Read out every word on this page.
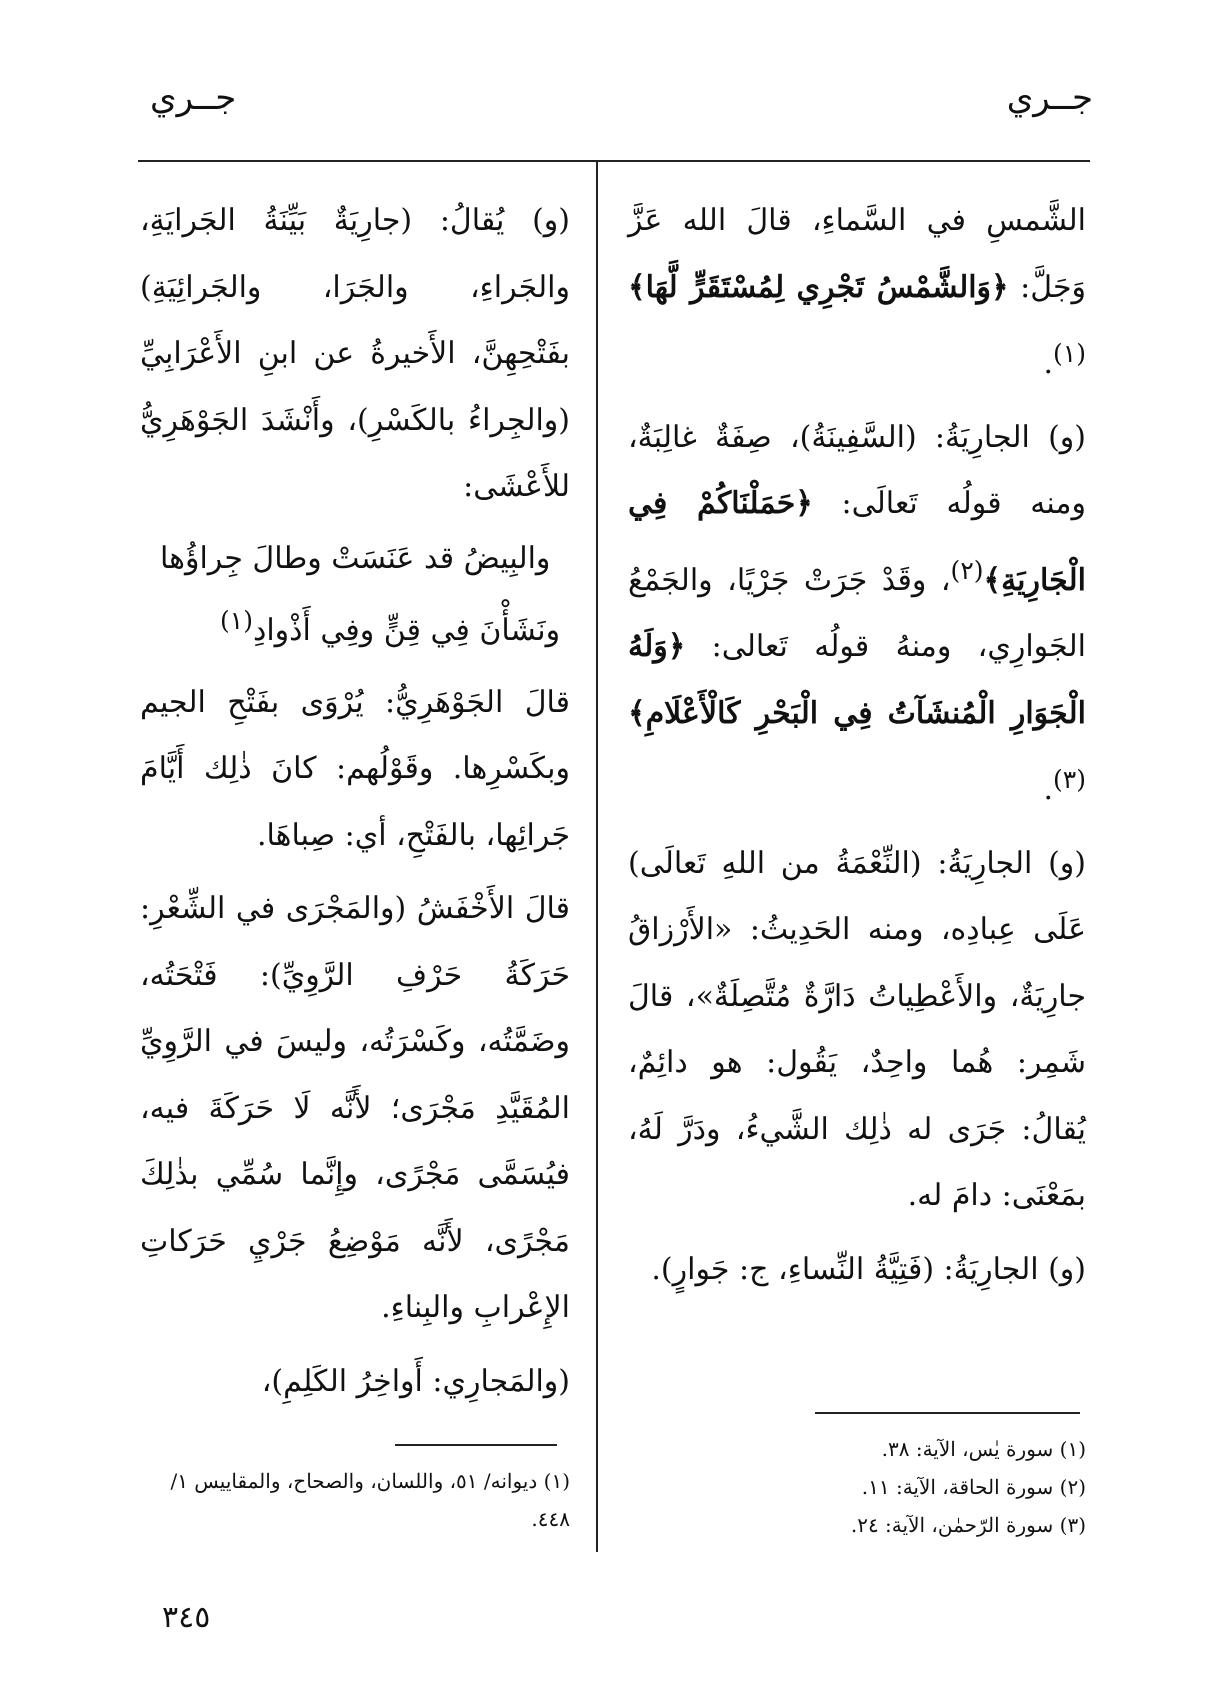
جــري	جــري

الشَّمسِ في السَّماءِ، قالَ الله عَزَّ وَجَلَّ: ﴿وَالشَّمْسُ تَجْرِي لِمُسْتَقَرٍّ لَّهَا﴾$^{(١)}$.

(و) الجارِيَةُ: (السَّفِينَةُ)، صِفَةٌ غالِبَةٌ، ومنه قولُه تَعالَى: ﴿حَمَلْنَاكُمْ فِي الْجَارِيَةِ﴾$^{(٢)}$، وقَدْ جَرَتْ جَرْيًا، والجَمْعُ الجَوارِي، ومنهُ قولُه تَعالى: ﴿وَلَهُ الْجَوَارِ الْمُنشَآتُ فِي الْبَحْرِ كَالْأَعْلَامِ﴾$^{(٣)}$.

(و) الجارِيَةُ: (النِّعْمَةُ من اللهِ تَعالَى) عَلَى عِبادِه، ومنه الحَدِيثُ: «الأَرْزاقُ جارِيَةٌ، والأَعْطِياتُ دَارَّةٌ مُتَّصِلَةٌ»، قالَ شَمِر: هُما واحِدٌ، يَقُول: هو دائِمٌ، يُقالُ: جَرَى له ذٰلِك الشَّيءُ، ودَرَّ لَهُ، بمَعْنَى: دامَ له.

(و) الجارِيَةُ: (فَتِيَّةُ النِّساءِ، ج: جَوارٍ).

(و) يُقالُ: (جارِيَةٌ بَيِّنَةُ الجَرايَةِ، والجَراءِ، والجَرَا، والجَرائِيَةِ) بفَتْحِهِنَّ، الأَخيرةُ عن ابنِ الأَعْرَابِيِّ (والجِراءُ بالكَسْرِ)، وأَنْشَدَ الجَوْهَرِيُّ للأَعْشَى:

والبِيضُ قد عَنَسَتْ وطالَ جِراؤُها
ونَشَأْنَ فِي قِنٍّ وفِي أَذْوادِ$^{(١)}$

قالَ الجَوْهَرِيُّ: يُرْوَى بفَتْحِ الجيم وبكَسْرِها. وقَوْلُهم: كانَ ذٰلِك أَيَّامَ جَرائِها، بالفَتْحِ، أي: صِباهَا.

قالَ الأَخْفَشُ (والمَجْرَى في الشِّعْرِ: حَرَكَةُ حَرْفِ الرَّوِيِّ): فَتْحَتُه، وضَمَّتُه، وكَسْرَتُه، وليسَ في الرَّوِيِّ المُقَيَّدِ مَجْرَى؛ لأَنَّه لَا حَرَكَةَ فيه، فيُسَمَّى مَجْرًى، وإِنَّما سُمِّي بذٰلِكَ مَجْرًى، لأَنَّه مَوْضِعُ جَرْيِ حَرَكاتِ الإِعْرابِ والبِناءِ.

(والمَجارِي: أَواخِرُ الكَلِمِ)،

(١) سورة يٰس، الآية: ٣٨.
(٢) سورة الحاقة، الآية: ١١.
(٣) سورة الرّحمٰن، الآية: ٢٤.
(١) ديوانه/ ٥١، واللسان، والصحاح، والمقاييس ١/ ٤٤٨.
٣٤٥
